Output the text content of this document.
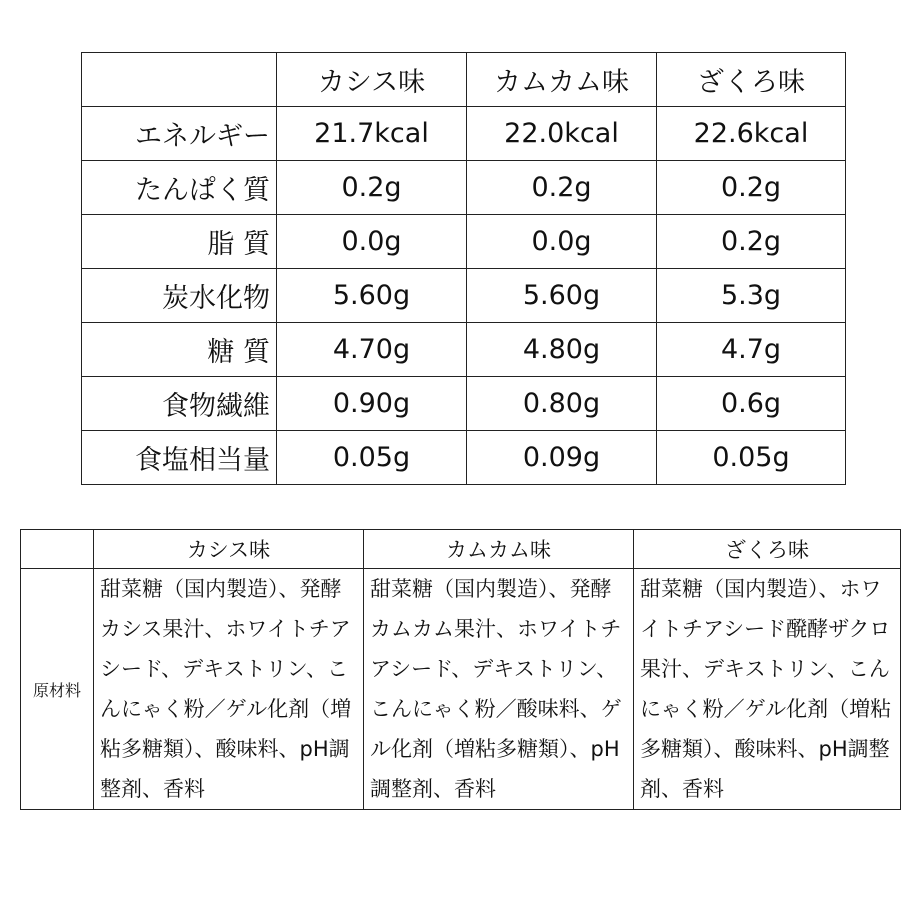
	カシス味	カムカム味	ざくろ味
エネルギー	21.7kcal	22.0kcal	22.6kcal
たんぱく質	0.2g	0.2g	0.2g
脂 質	0.0g	0.0g	0.2g
炭水化物	5.60g	5.60g	5.3g
糖 質	4.70g	4.80g	4.7g
食物繊維	0.90g	0.80g	0.6g
食塩相当量	0.05g	0.09g	0.05g
	カシス味	カムカム味	ざくろ味
原材料	甜菜糖（国内製造）、発酵カシス果汁、ホワイトチアシード、デキストリン、こんにゃく粉／ゲル化剤（増粘多糖類）、酸味料、pH調整剤、香料	甜菜糖（国内製造）、発酵カムカム果汁、ホワイトチアシード、デキストリン、こんにゃく粉／酸味料、ゲル化剤（増粘多糖類）、pH調整剤、香料	甜菜糖（国内製造）、ホワイトチアシード醗酵ザクロ果汁、デキストリン、こんにゃく粉／ゲル化剤（増粘多糖類）、酸味料、pH調整剤、香料
